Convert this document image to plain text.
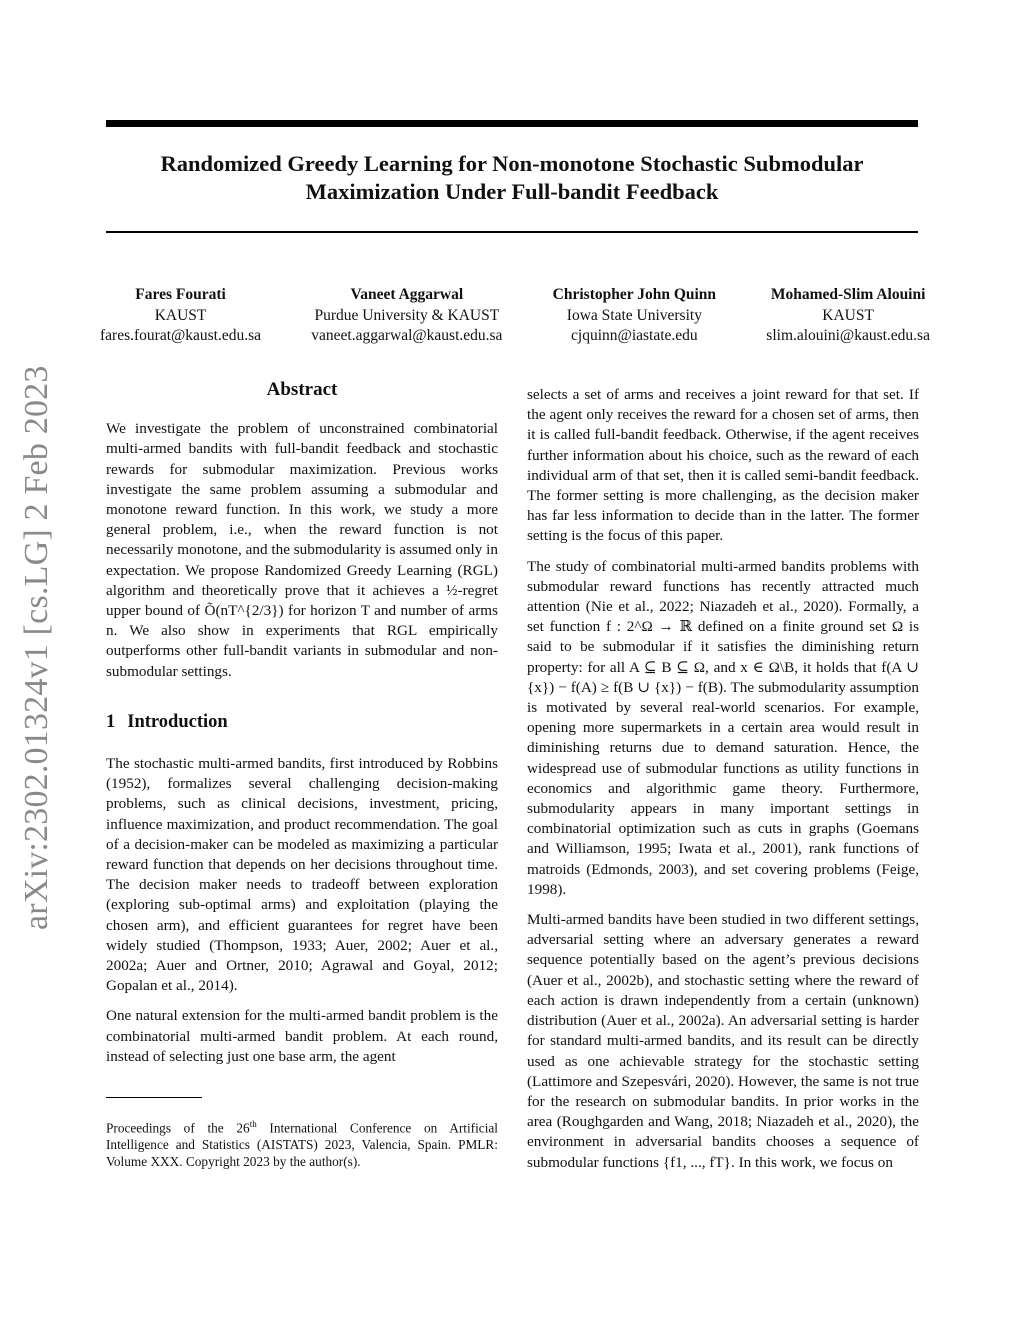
Randomized Greedy Learning for Non-monotone Stochastic Submodular
Maximization Under Full-bandit Feedback
Fares Fourati
KAUST
fares.fourat@kaust.edu.sa
Vaneet Aggarwal
Purdue University & KAUST
vaneet.aggarwal@kaust.edu.sa
Christopher John Quinn
Iowa State University
cjquinn@iastate.edu
Mohamed-Slim Alouini
KAUST
slim.alouini@kaust.edu.sa
arXiv:2302.01324v1 [cs.LG] 2 Feb 2023	Abstract

We investigate the problem of unconstrained combinatorial multi-armed bandits with full-bandit feedback and stochastic rewards for submodular maximization. Previous works investigate the same problem assuming a submodular and monotone reward function. In this work, we study a more general problem, i.e., when the reward function is not necessarily monotone, and the submodularity is assumed only in expectation. We propose Randomized Greedy Learning (RGL) algorithm and theoretically prove that it achieves a ½-regret upper bound of Õ(nT^{2/3}) for horizon T and number of arms n. We also show in experiments that RGL empirically outperforms other full-bandit variants in submodular and non-submodular settings.

1 Introduction

The stochastic multi-armed bandits, first introduced by Robbins (1952), formalizes several challenging decision-making problems, such as clinical decisions, investment, pricing, influence maximization, and product recommendation. The goal of a decision-maker can be modeled as maximizing a particular reward function that depends on her decisions throughout time. The decision maker needs to tradeoff between exploration (exploring sub-optimal arms) and exploitation (playing the chosen arm), and efficient guarantees for regret have been widely studied (Thompson, 1933; Auer, 2002; Auer et al., 2002a; Auer and Ortner, 2010; Agrawal and Goyal, 2012; Gopalan et al., 2014).

One natural extension for the multi-armed bandit problem is the combinatorial multi-armed bandit problem. At each round, instead of selecting just one base arm, the agent

Proceedings of the 26th International Conference on Artificial Intelligence and Statistics (AISTATS) 2023, Valencia, Spain. PMLR: Volume XXX. Copyright 2023 by the author(s).

selects a set of arms and receives a joint reward for that set. If the agent only receives the reward for a chosen set of arms, then it is called full-bandit feedback. Otherwise, if the agent receives further information about his choice, such as the reward of each individual arm of that set, then it is called semi-bandit feedback. The former setting is more challenging, as the decision maker has far less information to decide than in the latter. The former setting is the focus of this paper.

The study of combinatorial multi-armed bandits problems with submodular reward functions has recently attracted much attention (Nie et al., 2022; Niazadeh et al., 2020). Formally, a set function f : 2^Ω → ℝ defined on a finite ground set Ω is said to be submodular if it satisfies the diminishing return property: for all A ⊆ B ⊆ Ω, and x ∈ Ω\B, it holds that f(A ∪ {x}) − f(A) ≥ f(B ∪ {x}) − f(B). The submodularity assumption is motivated by several real-world scenarios. For example, opening more supermarkets in a certain area would result in diminishing returns due to demand saturation. Hence, the widespread use of submodular functions as utility functions in economics and algorithmic game theory. Furthermore, submodularity appears in many important settings in combinatorial optimization such as cuts in graphs (Goemans and Williamson, 1995; Iwata et al., 2001), rank functions of matroids (Edmonds, 2003), and set covering problems (Feige, 1998).

Multi-armed bandits have been studied in two different settings, adversarial setting where an adversary generates a reward sequence potentially based on the agent’s previous decisions (Auer et al., 2002b), and stochastic setting where the reward of each action is drawn independently from a certain (unknown) distribution (Auer et al., 2002a). An adversarial setting is harder for standard multi-armed bandits, and its result can be directly used as one achievable strategy for the stochastic setting (Lattimore and Szepesvári, 2020). However, the same is not true for the research on submodular bandits. In prior works in the area (Roughgarden and Wang, 2018; Niazadeh et al., 2020), the environment in adversarial bandits chooses a sequence of submodular functions {f1, ..., fT}. In this work, we focus on
